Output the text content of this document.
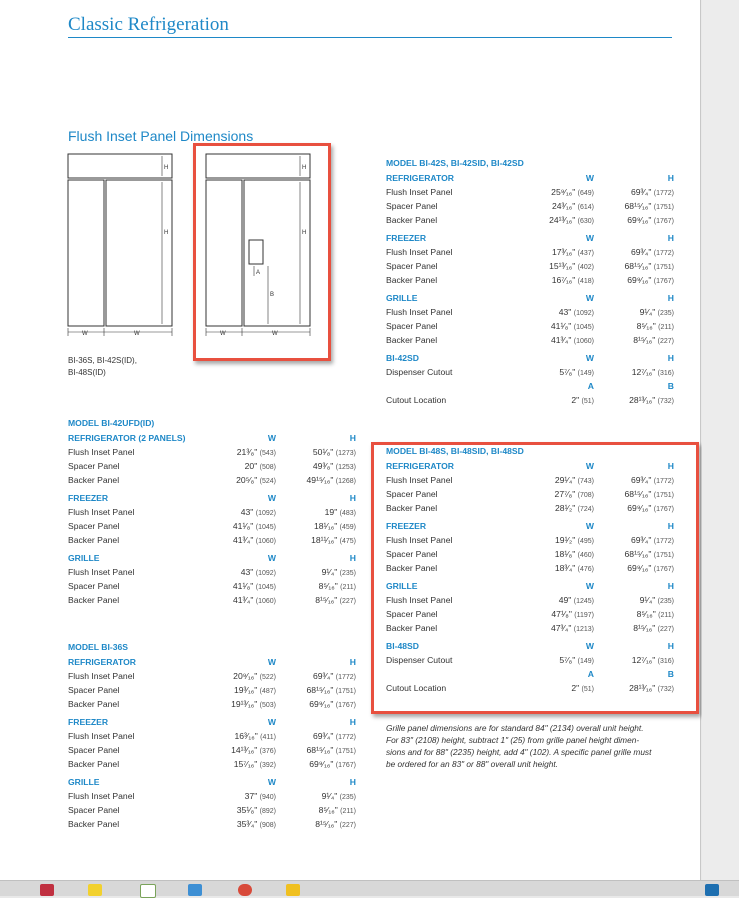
Classic Refrigeration
Flush Inset Panel Dimensions
H
H
W	W
BI-36S, BI-42S(ID),
BI-48S(ID)
H
H
A
B
W	W
MODEL BI-42S, BI-42SID, BI-42SD
REFRIGERATOR	W	H
Flush Inset Panel	25⁹⁄₁₆" (649)	69³⁄₄" (1772)
Spacer Panel	24³⁄₁₆" (614)	68¹⁵⁄₁₆" (1751)
Backer Panel	24¹³⁄₁₆" (630)	69⁹⁄₁₆" (1767)
FREEZER	W	H
Flush Inset Panel	17³⁄₁₆" (437)	69³⁄₄" (1772)
Spacer Panel	15¹³⁄₁₆" (402)	68¹⁵⁄₁₆" (1751)
Backer Panel	16⁷⁄₁₆" (418)	69⁹⁄₁₆" (1767)
GRILLE	W	H
Flush Inset Panel	43" (1092)	9¹⁄₄" (235)
Spacer Panel	41¹⁄₈" (1045)	8⁵⁄₁₆" (211)
Backer Panel	41³⁄₄" (1060)	8¹⁵⁄₁₆" (227)
BI-42SD	W	H
Dispenser Cutout	5⁷⁄₈" (149)	12⁷⁄₁₆" (316)
A	B
Cutout Location	2" (51)	28¹³⁄₁₆" (732)
MODEL BI-48S, BI-48SID, BI-48SD
REFRIGERATOR	W	H
Flush Inset Panel	29¹⁄₄" (743)	69³⁄₄" (1772)
Spacer Panel	27⁷⁄₈" (708)	68¹⁵⁄₁₆" (1751)
Backer Panel	28¹⁄₂" (724)	69⁹⁄₁₆" (1767)
FREEZER	W	H
Flush Inset Panel	19¹⁄₂" (495)	69³⁄₄" (1772)
Spacer Panel	18¹⁄₈" (460)	68¹⁵⁄₁₆" (1751)
Backer Panel	18³⁄₄" (476)	69⁹⁄₁₆" (1767)
GRILLE	W	H
Flush Inset Panel	49" (1245)	9¹⁄₄" (235)
Spacer Panel	47¹⁄₈" (1197)	8⁵⁄₁₆" (211)
Backer Panel	47³⁄₄" (1213)	8¹⁵⁄₁₆" (227)
BI-48SD	W	H
Dispenser Cutout	5⁷⁄₈" (149)	12⁷⁄₁₆" (316)
A	B
Cutout Location	2" (51)	28¹³⁄₁₆" (732)
MODEL BI-42UFD(ID)
REFRIGERATOR (2 PANELS)	W	H
Flush Inset Panel	21³⁄₈" (543)	50¹⁄₈" (1273)
Spacer Panel	20" (508)	49³⁄₈" (1253)
Backer Panel	20⁵⁄₈" (524)	49¹⁵⁄₁₆" (1268)
FREEZER	W	H
Flush Inset Panel	43" (1092)	19" (483)
Spacer Panel	41¹⁄₈" (1045)	18¹⁄₁₆" (459)
Backer Panel	41³⁄₄" (1060)	18¹¹⁄₁₆" (475)
GRILLE	W	H
Flush Inset Panel	43" (1092)	9¹⁄₄" (235)
Spacer Panel	41¹⁄₈" (1045)	8⁵⁄₁₆" (211)
Backer Panel	41³⁄₄" (1060)	8¹⁵⁄₁₆" (227)
MODEL BI-36S
REFRIGERATOR	W	H
Flush Inset Panel	20⁹⁄₁₆" (522)	69³⁄₄" (1772)
Spacer Panel	19³⁄₁₆" (487)	68¹⁵⁄₁₆" (1751)
Backer Panel	19¹³⁄₁₆" (503)	69⁹⁄₁₆" (1767)
FREEZER	W	H
Flush Inset Panel	16³⁄₁₆" (411)	69³⁄₄" (1772)
Spacer Panel	14¹³⁄₁₆" (376)	68¹⁵⁄₁₆" (1751)
Backer Panel	15⁷⁄₁₆" (392)	69⁹⁄₁₆" (1767)
GRILLE	W	H
Flush Inset Panel	37" (940)	9¹⁄₄" (235)
Spacer Panel	35¹⁄₈" (892)	8⁵⁄₁₆" (211)
Backer Panel	35³⁄₄" (908)	8¹⁵⁄₁₆" (227)
Grille panel dimensions are for standard 84" (2134) overall unit height.
For 83" (2108) height, subtract 1" (25) from grille panel height dimen-
sions and for 88" (2235) height, add 4" (102). A specific panel grille must
be ordered for an 83" or 88" overall unit height.
